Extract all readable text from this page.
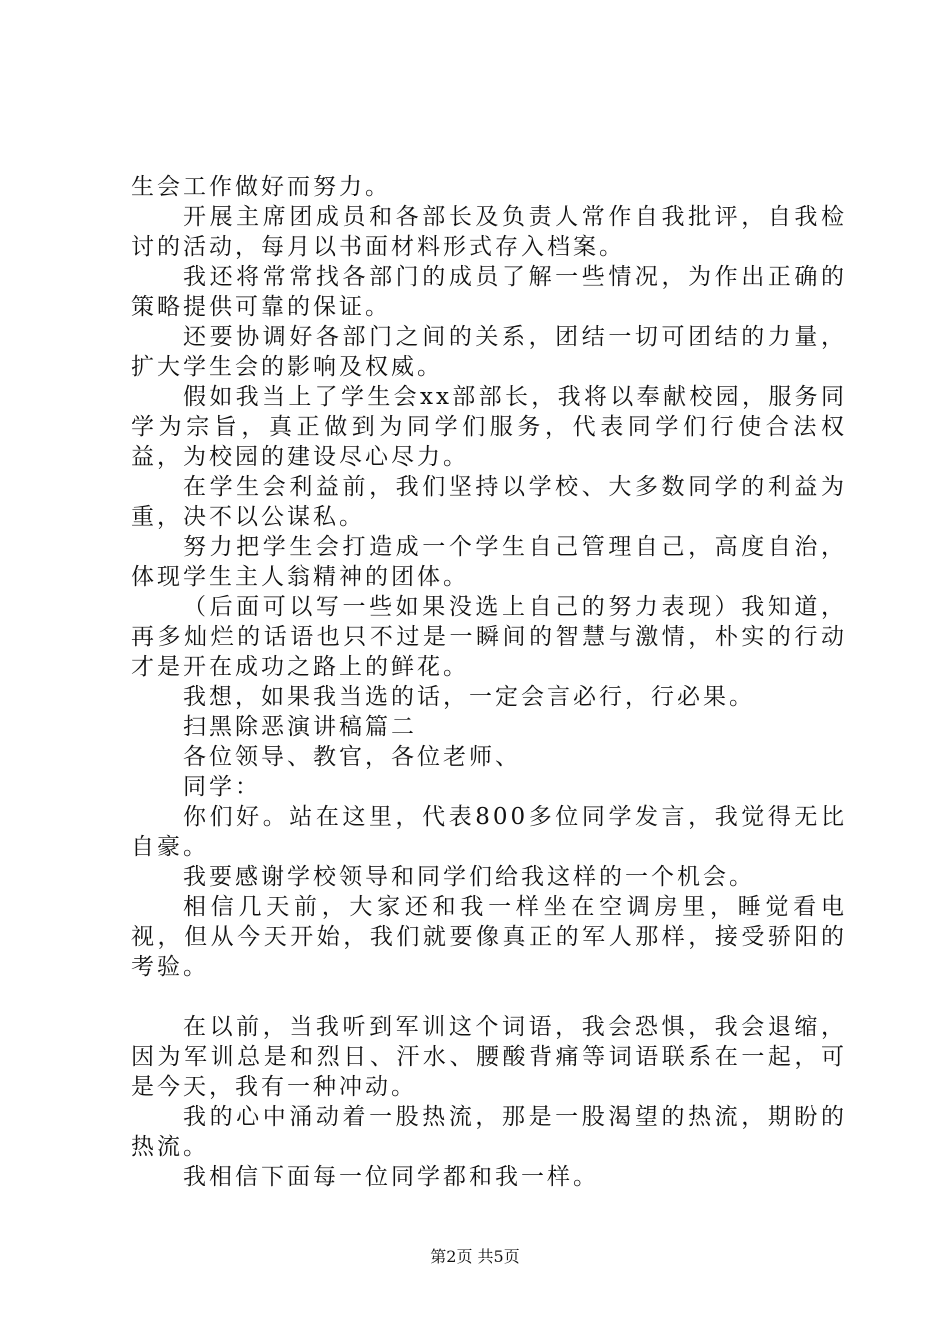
生会工作做好而努力。

开展主席团成员和各部长及负责人常作自我批评，自我检讨的活动，每月以书面材料形式存入档案。

我还将常常找各部门的成员了解一些情况，为作出正确的策略提供可靠的保证。

还要协调好各部门之间的关系，团结一切可团结的力量，扩大学生会的影响及权威。

假如我当上了学生会xx部部长，我将以奉献校园，服务同学为宗旨，真正做到为同学们服务，代表同学们行使合法权益，为校园的建设尽心尽力。

在学生会利益前，我们坚持以学校、大多数同学的利益为重，决不以公谋私。

努力把学生会打造成一个学生自己管理自己，高度自治，体现学生主人翁精神的团体。

（后面可以写一些如果没选上自己的努力表现）我知道，再多灿烂的话语也只不过是一瞬间的智慧与激情，朴实的行动才是开在成功之路上的鲜花。

我想，如果我当选的话，一定会言必行，行必果。

扫黑除恶演讲稿篇二

各位领导、教官，各位老师、

同学：

你们好。站在这里，代表800多位同学发言，我觉得无比自豪。

我要感谢学校领导和同学们给我这样的一个机会。

相信几天前，大家还和我一样坐在空调房里，睡觉看电视，但从今天开始，我们就要像真正的军人那样，接受骄阳的考验。

在以前，当我听到军训这个词语，我会恐惧，我会退缩，因为军训总是和烈日、汗水、腰酸背痛等词语联系在一起，可是今天，我有一种冲动。

我的心中涌动着一股热流，那是一股渴望的热流，期盼的热流。

我相信下面每一位同学都和我一样。

第2页 共5页
